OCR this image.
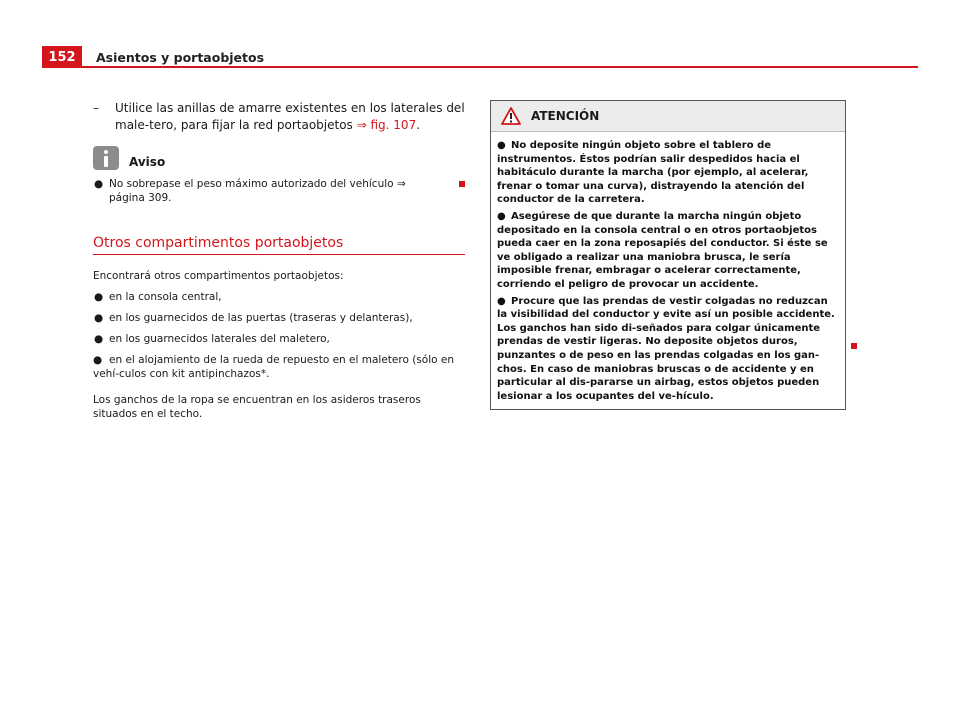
152	Asientos y portaobjetos
– Utilice las anillas de amarre existentes en los laterales del male-tero, para fijar la red portaobjetos ⇒ fig. 107.
Aviso
● No sobrepase el peso máximo autorizado del vehículo ⇒ página 309.
Otros compartimentos portaobjetos
Encontrará otros compartimentos portaobjetos:
● en la consola central,
● en los guarnecidos de las puertas (traseras y delanteras),
● en los guarnecidos laterales del maletero,
● en el alojamiento de la rueda de repuesto en el maletero (sólo en vehí-culos con kit antipinchazos*.
Los ganchos de la ropa se encuentran en los asideros traseros situados en el techo.
ATENCIÓN
● No deposite ningún objeto sobre el tablero de instrumentos. Éstos podrían salir despedidos hacia el habitáculo durante la marcha (por ejemplo, al acelerar, frenar o tomar una curva), distrayendo la atención del conductor de la carretera.
● Asegúrese de que durante la marcha ningún objeto depositado en la consola central o en otros portaobjetos pueda caer en la zona reposapiés del conductor. Si éste se ve obligado a realizar una maniobra brusca, le sería imposible frenar, embragar o acelerar correctamente, corriendo el peligro de provocar un accidente.
● Procure que las prendas de vestir colgadas no reduzcan la visibilidad del conductor y evite así un posible accidente. Los ganchos han sido di-señados para colgar únicamente prendas de vestir ligeras. No deposite objetos duros, punzantes o de peso en las prendas colgadas en los gan-chos. En caso de maniobras bruscas o de accidente y en particular al dis-pararse un airbag, estos objetos pueden lesionar a los ocupantes del ve-hículo.
